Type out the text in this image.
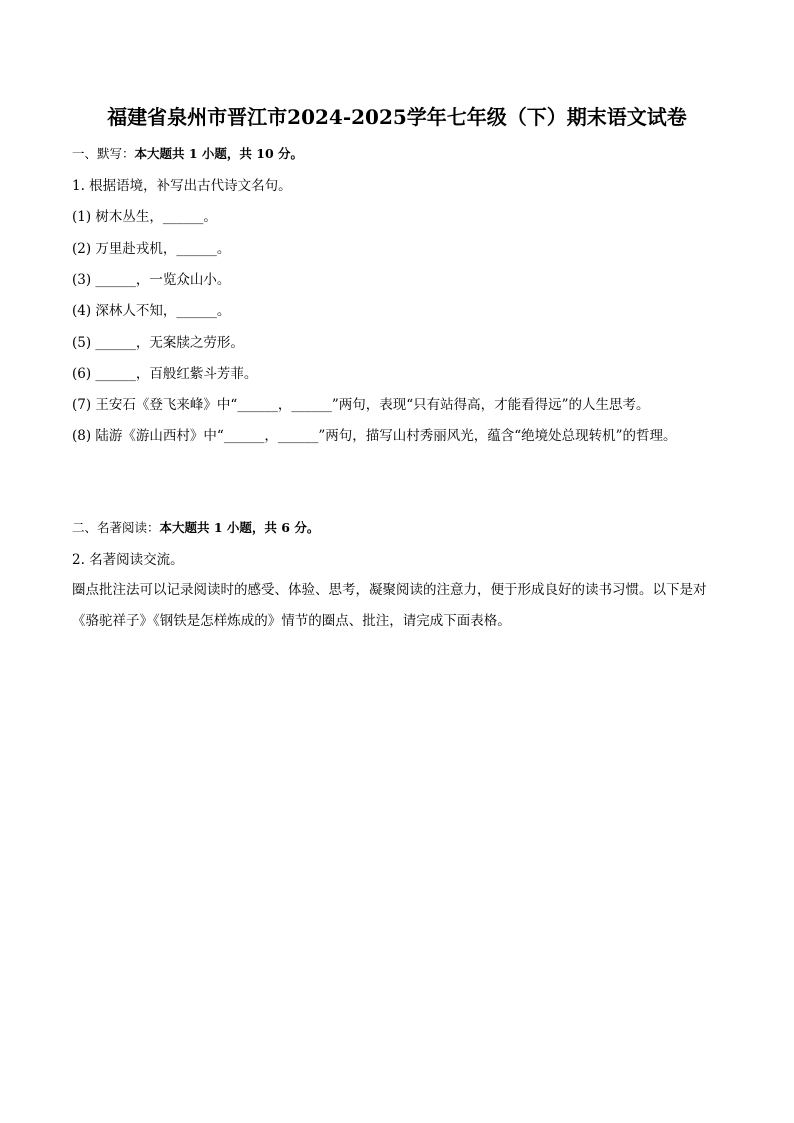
福建省泉州市晋江市2024-2025学年七年级（下）期末语文试卷
一、默写：本大题共 1 小题，共 10 分。
1. 根据语境，补写出古代诗文名句。
(1) 树木丛生，______。
(2) 万里赴戎机，______。
(3) ______，一览众山小。
(4) 深林人不知，______。
(5) ______，无案牍之劳形。
(6) ______，百般红紫斗芳菲。
(7) 王安石《登飞来峰》中“______，______”两句，表现“只有站得高，才能看得远”的人生思考。
(8) 陆游《游山西村》中“______，______”两句，描写山村秀丽风光，蕴含“绝境处总现转机”的哲理。
二、名著阅读：本大题共 1 小题，共 6 分。
2. 名著阅读交流。
圈点批注法可以记录阅读时的感受、体验、思考，凝聚阅读的注意力，便于形成良好的读书习惯。以下是对《骆驼祥子》《钢铁是怎样炼成的》情节的圈点、批注，请完成下面表格。
